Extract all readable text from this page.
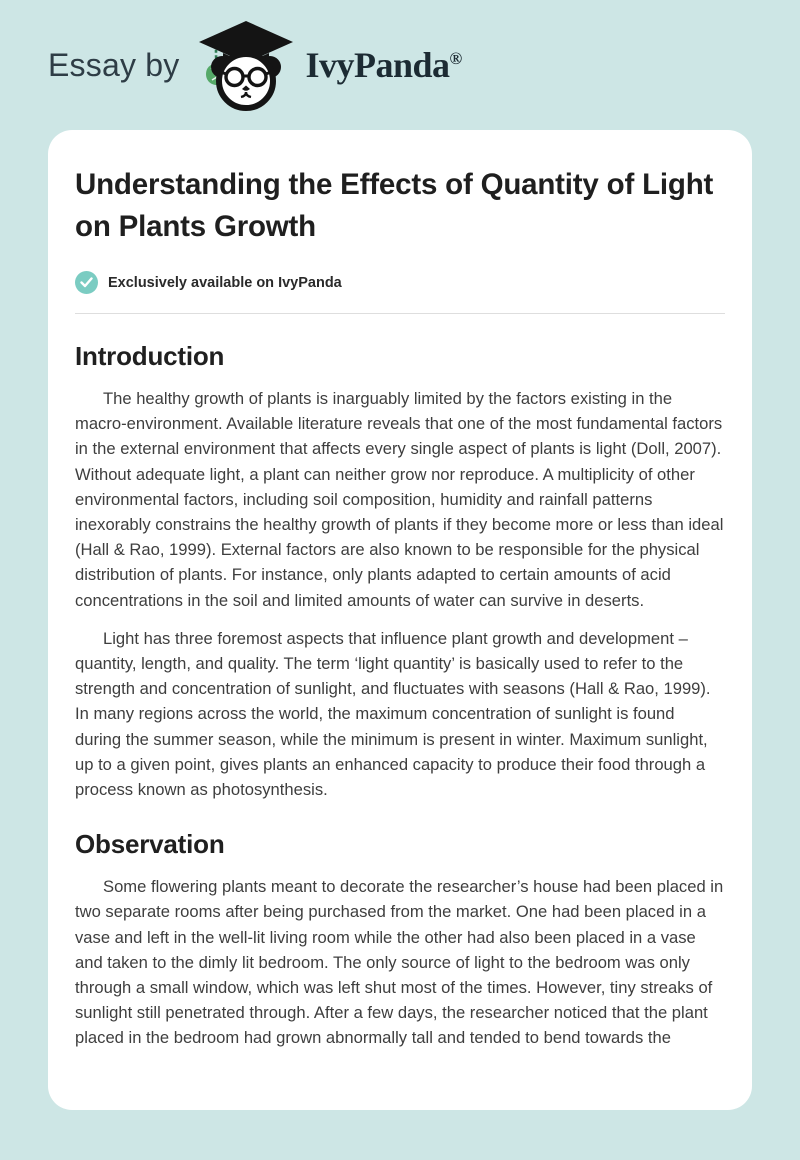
Essay by	IvyPanda®
Understanding the Effects of Quantity of Light on Plants Growth
Exclusively available on IvyPanda
Introduction

The healthy growth of plants is inarguably limited by the factors existing in the macro-environment. Available literature reveals that one of the most fundamental factors in the external environment that affects every single aspect of plants is light (Doll, 2007). Without adequate light, a plant can neither grow nor reproduce. A multiplicity of other environmental factors, including soil composition, humidity and rainfall patterns inexorably constrains the healthy growth of plants if they become more or less than ideal (Hall & Rao, 1999). External factors are also known to be responsible for the physical distribution of plants. For instance, only plants adapted to certain amounts of acid concentrations in the soil and limited amounts of water can survive in deserts.

Light has three foremost aspects that influence plant growth and development – quantity, length, and quality. The term ‘light quantity’ is basically used to refer to the strength and concentration of sunlight, and fluctuates with seasons (Hall & Rao, 1999). In many regions across the world, the maximum concentration of sunlight is found during the summer season, while the minimum is present in winter. Maximum sunlight, up to a given point, gives plants an enhanced capacity to produce their food through a process known as photosynthesis.

Observation

Some flowering plants meant to decorate the researcher’s house had been placed in two separate rooms after being purchased from the market. One had been placed in a vase and left in the well-lit living room while the other had also been placed in a vase and taken to the dimly lit bedroom. The only source of light to the bedroom was only through a small window, which was left shut most of the times. However, tiny streaks of sunlight still penetrated through. After a few days, the researcher noticed that the plant placed in the bedroom had grown abnormally tall and tended to bend towards the
